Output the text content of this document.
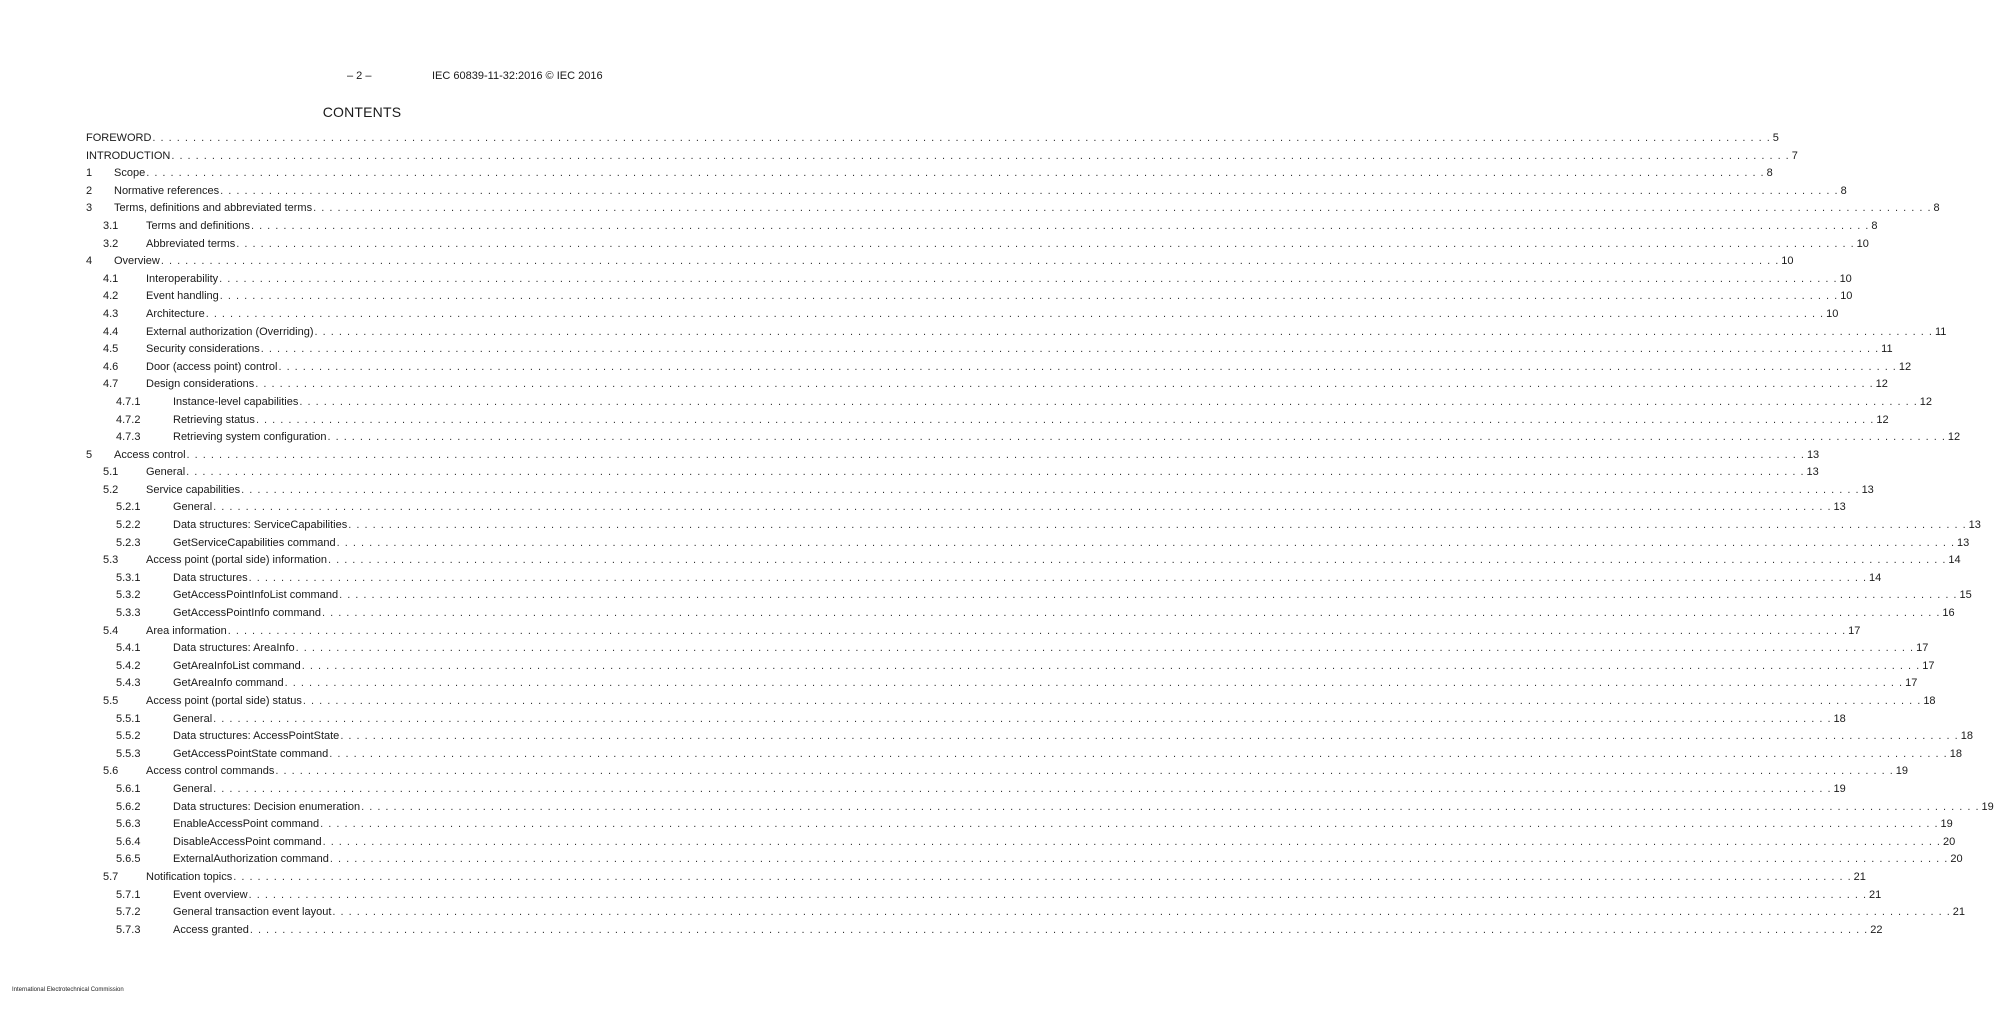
– 2 –	IEC 60839-11-32:2016 © IEC 2016
CONTENTS
FOREWORD . . . . . . . . . . . . . . . . . . . . . . . . . . . . . . . . . . . . . . . . . . . . . . . . . . . . . . . . . . . . . . . . . . . . . . . . . . . . . . . . . . . . . . . . . . . . . . . . . . . . . . . . . . . . . . . . . . . . . . . . . . . . . . . . . . . . . . . . . . . . . . . . . . . . . . . . . . . . . . . . . . . . . . . . . . . . . . . . . . . . . . . . . . . . . . . . . . . . . . . . 5
INTRODUCTION . . . . . . . . . . . . . . . . . . . . . . . . . . . . . . . . . . . . . . . . . . . . . . . . . . . . . . . . . . . . . . . . . . . . . . . . . . . . . . . . . . . . . . . . . . . . . . . . . . . . . . . . . . . . . . . . . . . . . . . . . . . . . . . . . . . . . . . . . . . . . . . . . . . . . . . . . . . . . . . . . . . . . . . . . . . . . . . . . . . . . . . . . . . . . . . . . . . . . . . . 7
1 Scope . . . . . . . . . . . . . . . . . . . . . . . . . . . . . . . . . . . . . . . . . . . . . . . . . . . . . . . . . . . . . . . . . . . . . . . . . . . . . . . . . . . . . . . . . . . . . . . . . . . . . . . . . . . . . . . . . . . . . . . . . . . . . . . . . . . . . . . . . . . . . . . . . . . . . . . . . . . . . . . . . . . . . . . . . . . . . . . . . . . . . . . . . . . . . . . . . . . . . . . . 8
2 Normative references . . . . . . . . . . . . . . . . . . . . . . . . . . . . . . . . . . . . . . . . . . . . . . . . . . . . . . . . . . . . . . . . . . . . . . . . . . . . . . . . . . . . . . . . . . . . . . . . . . . . . . . . . . . . . . . . . . . . . . . . . . . . . . . . . . . . . . . . . . . . . . . . . . . . . . . . . . . . . . . . . . . . . . . . . . . . . . . . . . . . . . . . . . . . . . . . . . . . . . . . 8
3 Terms, definitions and abbreviated terms . . . . . . . . . . . . . . . . . . . . . . . . . . . . . . . . . . . . . . . . . . . . . . . . . . . . . . . . . . . . . . . . . . . . . . . . . . . . . . . . . . . . . . . . . . . . . . . . . . . . . . . . . . . . . . . . . . . . . . . . . . . . . . . . . . . . . . . . . . . . . . . . . . . . . . . . . . . . . . . . . . . . . . . . . . . . . . . . . . . . . . . . . . . . . . . . . . . . . . . . 8
3.1	Terms and definitions . . . . . . . . . . . . . . . . . . . . . . . . . . . . . . . . . . . . . . . . . . . . . . . . . . . . . . . . . . . . . . . . . . . . . . . . . . . . . . . . . . . . . . . . . . . . . . . . . . . . . . . . . . . . . . . . . . . . . . . . . . . . . . . . . . . . . . . . . . . . . . . . . . . . . . . . . . . . . . . . . . . . . . . . . . . . . . . . . . . . . . . . . . . . . . . . . . . . . . . . 8
3.2	Abbreviated terms . . . . . . . . . . . . . . . . . . . . . . . . . . . . . . . . . . . . . . . . . . . . . . . . . . . . . . . . . . . . . . . . . . . . . . . . . . . . . . . . . . . . . . . . . . . . . . . . . . . . . . . . . . . . . . . . . . . . . . . . . . . . . . . . . . . . . . . . . . . . . . . . . . . . . . . . . . . . . . . . . . . . . . . . . . . . . . . . . . . . . . . . . . . . . . . . . . . . . . . . 10
4 Overview . . . . . . . . . . . . . . . . . . . . . . . . . . . . . . . . . . . . . . . . . . . . . . . . . . . . . . . . . . . . . . . . . . . . . . . . . . . . . . . . . . . . . . . . . . . . . . . . . . . . . . . . . . . . . . . . . . . . . . . . . . . . . . . . . . . . . . . . . . . . . . . . . . . . . . . . . . . . . . . . . . . . . . . . . . . . . . . . . . . . . . . . . . . . . . . . . . . . . . . . 10
4.1	Interoperability . . . . . . . . . . . . . . . . . . . . . . . . . . . . . . . . . . . . . . . . . . . . . . . . . . . . . . . . . . . . . . . . . . . . . . . . . . . . . . . . . . . . . . . . . . . . . . . . . . . . . . . . . . . . . . . . . . . . . . . . . . . . . . . . . . . . . . . . . . . . . . . . . . . . . . . . . . . . . . . . . . . . . . . . . . . . . . . . . . . . . . . . . . . . . . . . . . . . . . . . 10
4.2	Event handling . . . . . . . . . . . . . . . . . . . . . . . . . . . . . . . . . . . . . . . . . . . . . . . . . . . . . . . . . . . . . . . . . . . . . . . . . . . . . . . . . . . . . . . . . . . . . . . . . . . . . . . . . . . . . . . . . . . . . . . . . . . . . . . . . . . . . . . . . . . . . . . . . . . . . . . . . . . . . . . . . . . . . . . . . . . . . . . . . . . . . . . . . . . . . . . . . . . . . . . . 10
4.3	Architecture . . . . . . . . . . . . . . . . . . . . . . . . . . . . . . . . . . . . . . . . . . . . . . . . . . . . . . . . . . . . . . . . . . . . . . . . . . . . . . . . . . . . . . . . . . . . . . . . . . . . . . . . . . . . . . . . . . . . . . . . . . . . . . . . . . . . . . . . . . . . . . . . . . . . . . . . . . . . . . . . . . . . . . . . . . . . . . . . . . . . . . . . . . . . . . . . . . . . . . . . 10
4.4	External authorization (Overriding) . . . . . . . . . . . . . . . . . . . . . . . . . . . . . . . . . . . . . . . . . . . . . . . . . . . . . . . . . . . . . . . . . . . . . . . . . . . . . . . . . . . . . . . . . . . . . . . . . . . . . . . . . . . . . . . . . . . . . . . . . . . . . . . . . . . . . . . . . . . . . . . . . . . . . . . . . . . . . . . . . . . . . . . . . . . . . . . . . . . . . . . . . . . . . . . . . . . . . . . . 11
4.5	Security considerations . . . . . . . . . . . . . . . . . . . . . . . . . . . . . . . . . . . . . . . . . . . . . . . . . . . . . . . . . . . . . . . . . . . . . . . . . . . . . . . . . . . . . . . . . . . . . . . . . . . . . . . . . . . . . . . . . . . . . . . . . . . . . . . . . . . . . . . . . . . . . . . . . . . . . . . . . . . . . . . . . . . . . . . . . . . . . . . . . . . . . . . . . . . . . . . . . . . . . . . . 11
4.6	Door (access point) control . . . . . . . . . . . . . . . . . . . . . . . . . . . . . . . . . . . . . . . . . . . . . . . . . . . . . . . . . . . . . . . . . . . . . . . . . . . . . . . . . . . . . . . . . . . . . . . . . . . . . . . . . . . . . . . . . . . . . . . . . . . . . . . . . . . . . . . . . . . . . . . . . . . . . . . . . . . . . . . . . . . . . . . . . . . . . . . . . . . . . . . . . . . . . . . . . . . . . . . . 12
4.7	Design considerations . . . . . . . . . . . . . . . . . . . . . . . . . . . . . . . . . . . . . . . . . . . . . . . . . . . . . . . . . . . . . . . . . . . . . . . . . . . . . . . . . . . . . . . . . . . . . . . . . . . . . . . . . . . . . . . . . . . . . . . . . . . . . . . . . . . . . . . . . . . . . . . . . . . . . . . . . . . . . . . . . . . . . . . . . . . . . . . . . . . . . . . . . . . . . . . . . . . . . . . . 12
4.7.1	Instance-level capabilities . . . . . . . . . . . . . . . . . . . . . . . . . . . . . . . . . . . . . . . . . . . . . . . . . . . . . . . . . . . . . . . . . . . . . . . . . . . . . . . . . . . . . . . . . . . . . . . . . . . . . . . . . . . . . . . . . . . . . . . . . . . . . . . . . . . . . . . . . . . . . . . . . . . . . . . . . . . . . . . . . . . . . . . . . . . . . . . . . . . . . . . . . . . . . . . . . . . . . . . . 12
4.7.2	Retrieving status . . . . . . . . . . . . . . . . . . . . . . . . . . . . . . . . . . . . . . . . . . . . . . . . . . . . . . . . . . . . . . . . . . . . . . . . . . . . . . . . . . . . . . . . . . . . . . . . . . . . . . . . . . . . . . . . . . . . . . . . . . . . . . . . . . . . . . . . . . . . . . . . . . . . . . . . . . . . . . . . . . . . . . . . . . . . . . . . . . . . . . . . . . . . . . . . . . . . . . . . 12
4.7.3	Retrieving system configuration . . . . . . . . . . . . . . . . . . . . . . . . . . . . . . . . . . . . . . . . . . . . . . . . . . . . . . . . . . . . . . . . . . . . . . . . . . . . . . . . . . . . . . . . . . . . . . . . . . . . . . . . . . . . . . . . . . . . . . . . . . . . . . . . . . . . . . . . . . . . . . . . . . . . . . . . . . . . . . . . . . . . . . . . . . . . . . . . . . . . . . . . . . . . . . . . . . . . . . . . 12
5 Access control . . . . . . . . . . . . . . . . . . . . . . . . . . . . . . . . . . . . . . . . . . . . . . . . . . . . . . . . . . . . . . . . . . . . . . . . . . . . . . . . . . . . . . . . . . . . . . . . . . . . . . . . . . . . . . . . . . . . . . . . . . . . . . . . . . . . . . . . . . . . . . . . . . . . . . . . . . . . . . . . . . . . . . . . . . . . . . . . . . . . . . . . . . . . . . . . . . . . . . . . 13
5.1	General . . . . . . . . . . . . . . . . . . . . . . . . . . . . . . . . . . . . . . . . . . . . . . . . . . . . . . . . . . . . . . . . . . . . . . . . . . . . . . . . . . . . . . . . . . . . . . . . . . . . . . . . . . . . . . . . . . . . . . . . . . . . . . . . . . . . . . . . . . . . . . . . . . . . . . . . . . . . . . . . . . . . . . . . . . . . . . . . . . . . . . . . . . . . . . . . . . . . . . . . 13
5.2	Service capabilities . . . . . . . . . . . . . . . . . . . . . . . . . . . . . . . . . . . . . . . . . . . . . . . . . . . . . . . . . . . . . . . . . . . . . . . . . . . . . . . . . . . . . . . . . . . . . . . . . . . . . . . . . . . . . . . . . . . . . . . . . . . . . . . . . . . . . . . . . . . . . . . . . . . . . . . . . . . . . . . . . . . . . . . . . . . . . . . . . . . . . . . . . . . . . . . . . . . . . . . . 13
5.2.1	General . . . . . . . . . . . . . . . . . . . . . . . . . . . . . . . . . . . . . . . . . . . . . . . . . . . . . . . . . . . . . . . . . . . . . . . . . . . . . . . . . . . . . . . . . . . . . . . . . . . . . . . . . . . . . . . . . . . . . . . . . . . . . . . . . . . . . . . . . . . . . . . . . . . . . . . . . . . . . . . . . . . . . . . . . . . . . . . . . . . . . . . . . . . . . . . . . . . . . . . . 13
5.2.2	Data structures: ServiceCapabilities . . . . . . . . . . . . . . . . . . . . . . . . . . . . . . . . . . . . . . . . . . . . . . . . . . . . . . . . . . . . . . . . . . . . . . . . . . . . . . . . . . . . . . . . . . . . . . . . . . . . . . . . . . . . . . . . . . . . . . . . . . . . . . . . . . . . . . . . . . . . . . . . . . . . . . . . . . . . . . . . . . . . . . . . . . . . . . . . . . . . . . . . . . . . . . . . . . . . . . . . 13
5.2.3	GetServiceCapabilities command . . . . . . . . . . . . . . . . . . . . . . . . . . . . . . . . . . . . . . . . . . . . . . . . . . . . . . . . . . . . . . . . . . . . . . . . . . . . . . . . . . . . . . . . . . . . . . . . . . . . . . . . . . . . . . . . . . . . . . . . . . . . . . . . . . . . . . . . . . . . . . . . . . . . . . . . . . . . . . . . . . . . . . . . . . . . . . . . . . . . . . . . . . . . . . . . . . . . . . . . 13
5.3	Access point (portal side) information . . . . . . . . . . . . . . . . . . . . . . . . . . . . . . . . . . . . . . . . . . . . . . . . . . . . . . . . . . . . . . . . . . . . . . . . . . . . . . . . . . . . . . . . . . . . . . . . . . . . . . . . . . . . . . . . . . . . . . . . . . . . . . . . . . . . . . . . . . . . . . . . . . . . . . . . . . . . . . . . . . . . . . . . . . . . . . . . . . . . . . . . . . . . . . . . . . . . . . . . 14
5.3.1	Data structures . . . . . . . . . . . . . . . . . . . . . . . . . . . . . . . . . . . . . . . . . . . . . . . . . . . . . . . . . . . . . . . . . . . . . . . . . . . . . . . . . . . . . . . . . . . . . . . . . . . . . . . . . . . . . . . . . . . . . . . . . . . . . . . . . . . . . . . . . . . . . . . . . . . . . . . . . . . . . . . . . . . . . . . . . . . . . . . . . . . . . . . . . . . . . . . . . . . . . . . . 14
5.3.2	GetAccessPointInfoList command . . . . . . . . . . . . . . . . . . . . . . . . . . . . . . . . . . . . . . . . . . . . . . . . . . . . . . . . . . . . . . . . . . . . . . . . . . . . . . . . . . . . . . . . . . . . . . . . . . . . . . . . . . . . . . . . . . . . . . . . . . . . . . . . . . . . . . . . . . . . . . . . . . . . . . . . . . . . . . . . . . . . . . . . . . . . . . . . . . . . . . . . . . . . . . . . . . . . . . . . 15
5.3.3	GetAccessPointInfo command . . . . . . . . . . . . . . . . . . . . . . . . . . . . . . . . . . . . . . . . . . . . . . . . . . . . . . . . . . . . . . . . . . . . . . . . . . . . . . . . . . . . . . . . . . . . . . . . . . . . . . . . . . . . . . . . . . . . . . . . . . . . . . . . . . . . . . . . . . . . . . . . . . . . . . . . . . . . . . . . . . . . . . . . . . . . . . . . . . . . . . . . . . . . . . . . . . . . . . . . 16
5.4	Area information . . . . . . . . . . . . . . . . . . . . . . . . . . . . . . . . . . . . . . . . . . . . . . . . . . . . . . . . . . . . . . . . . . . . . . . . . . . . . . . . . . . . . . . . . . . . . . . . . . . . . . . . . . . . . . . . . . . . . . . . . . . . . . . . . . . . . . . . . . . . . . . . . . . . . . . . . . . . . . . . . . . . . . . . . . . . . . . . . . . . . . . . . . . . . . . . . . . . . . . . 17
5.4.1	Data structures: AreaInfo . . . . . . . . . . . . . . . . . . . . . . . . . . . . . . . . . . . . . . . . . . . . . . . . . . . . . . . . . . . . . . . . . . . . . . . . . . . . . . . . . . . . . . . . . . . . . . . . . . . . . . . . . . . . . . . . . . . . . . . . . . . . . . . . . . . . . . . . . . . . . . . . . . . . . . . . . . . . . . . . . . . . . . . . . . . . . . . . . . . . . . . . . . . . . . . . . . . . . . . . 17
5.4.2	GetAreaInfoList command . . . . . . . . . . . . . . . . . . . . . . . . . . . . . . . . . . . . . . . . . . . . . . . . . . . . . . . . . . . . . . . . . . . . . . . . . . . . . . . . . . . . . . . . . . . . . . . . . . . . . . . . . . . . . . . . . . . . . . . . . . . . . . . . . . . . . . . . . . . . . . . . . . . . . . . . . . . . . . . . . . . . . . . . . . . . . . . . . . . . . . . . . . . . . . . . . . . . . . . . 17
5.4.3	GetAreaInfo command . . . . . . . . . . . . . . . . . . . . . . . . . . . . . . . . . . . . . . . . . . . . . . . . . . . . . . . . . . . . . . . . . . . . . . . . . . . . . . . . . . . . . . . . . . . . . . . . . . . . . . . . . . . . . . . . . . . . . . . . . . . . . . . . . . . . . . . . . . . . . . . . . . . . . . . . . . . . . . . . . . . . . . . . . . . . . . . . . . . . . . . . . . . . . . . . . . . . . . . . 17
5.5	Access point (portal side) status . . . . . . . . . . . . . . . . . . . . . . . . . . . . . . . . . . . . . . . . . . . . . . . . . . . . . . . . . . . . . . . . . . . . . . . . . . . . . . . . . . . . . . . . . . . . . . . . . . . . . . . . . . . . . . . . . . . . . . . . . . . . . . . . . . . . . . . . . . . . . . . . . . . . . . . . . . . . . . . . . . . . . . . . . . . . . . . . . . . . . . . . . . . . . . . . . . . . . . . . 18
5.5.1	General . . . . . . . . . . . . . . . . . . . . . . . . . . . . . . . . . . . . . . . . . . . . . . . . . . . . . . . . . . . . . . . . . . . . . . . . . . . . . . . . . . . . . . . . . . . . . . . . . . . . . . . . . . . . . . . . . . . . . . . . . . . . . . . . . . . . . . . . . . . . . . . . . . . . . . . . . . . . . . . . . . . . . . . . . . . . . . . . . . . . . . . . . . . . . . . . . . . . . . . . 18
5.5.2	Data structures: AccessPointState . . . . . . . . . . . . . . . . . . . . . . . . . . . . . . . . . . . . . . . . . . . . . . . . . . . . . . . . . . . . . . . . . . . . . . . . . . . . . . . . . . . . . . . . . . . . . . . . . . . . . . . . . . . . . . . . . . . . . . . . . . . . . . . . . . . . . . . . . . . . . . . . . . . . . . . . . . . . . . . . . . . . . . . . . . . . . . . . . . . . . . . . . . . . . . . . . . . . . . . . 18
5.5.3	GetAccessPointState command . . . . . . . . . . . . . . . . . . . . . . . . . . . . . . . . . . . . . . . . . . . . . . . . . . . . . . . . . . . . . . . . . . . . . . . . . . . . . . . . . . . . . . . . . . . . . . . . . . . . . . . . . . . . . . . . . . . . . . . . . . . . . . . . . . . . . . . . . . . . . . . . . . . . . . . . . . . . . . . . . . . . . . . . . . . . . . . . . . . . . . . . . . . . . . . . . . . . . . . . 18
5.6	Access control commands . . . . . . . . . . . . . . . . . . . . . . . . . . . . . . . . . . . . . . . . . . . . . . . . . . . . . . . . . . . . . . . . . . . . . . . . . . . . . . . . . . . . . . . . . . . . . . . . . . . . . . . . . . . . . . . . . . . . . . . . . . . . . . . . . . . . . . . . . . . . . . . . . . . . . . . . . . . . . . . . . . . . . . . . . . . . . . . . . . . . . . . . . . . . . . . . . . . . . . . . 19
5.6.1	General . . . . . . . . . . . . . . . . . . . . . . . . . . . . . . . . . . . . . . . . . . . . . . . . . . . . . . . . . . . . . . . . . . . . . . . . . . . . . . . . . . . . . . . . . . . . . . . . . . . . . . . . . . . . . . . . . . . . . . . . . . . . . . . . . . . . . . . . . . . . . . . . . . . . . . . . . . . . . . . . . . . . . . . . . . . . . . . . . . . . . . . . . . . . . . . . . . . . . . . . 19
5.6.2	Data structures: Decision enumeration . . . . . . . . . . . . . . . . . . . . . . . . . . . . . . . . . . . . . . . . . . . . . . . . . . . . . . . . . . . . . . . . . . . . . . . . . . . . . . . . . . . . . . . . . . . . . . . . . . . . . . . . . . . . . . . . . . . . . . . . . . . . . . . . . . . . . . . . . . . . . . . . . . . . . . . . . . . . . . . . . . . . . . . . . . . . . . . . . . . . . . . . . . . . . . . . . . . . . . . . 19
5.6.3	EnableAccessPoint command . . . . . . . . . . . . . . . . . . . . . . . . . . . . . . . . . . . . . . . . . . . . . . . . . . . . . . . . . . . . . . . . . . . . . . . . . . . . . . . . . . . . . . . . . . . . . . . . . . . . . . . . . . . . . . . . . . . . . . . . . . . . . . . . . . . . . . . . . . . . . . . . . . . . . . . . . . . . . . . . . . . . . . . . . . . . . . . . . . . . . . . . . . . . . . . . . . . . . . . . 19
5.6.4	DisableAccessPoint command . . . . . . . . . . . . . . . . . . . . . . . . . . . . . . . . . . . . . . . . . . . . . . . . . . . . . . . . . . . . . . . . . . . . . . . . . . . . . . . . . . . . . . . . . . . . . . . . . . . . . . . . . . . . . . . . . . . . . . . . . . . . . . . . . . . . . . . . . . . . . . . . . . . . . . . . . . . . . . . . . . . . . . . . . . . . . . . . . . . . . . . . . . . . . . . . . . . . . . . . 20
5.6.5	ExternalAuthorization command . . . . . . . . . . . . . . . . . . . . . . . . . . . . . . . . . . . . . . . . . . . . . . . . . . . . . . . . . . . . . . . . . . . . . . . . . . . . . . . . . . . . . . . . . . . . . . . . . . . . . . . . . . . . . . . . . . . . . . . . . . . . . . . . . . . . . . . . . . . . . . . . . . . . . . . . . . . . . . . . . . . . . . . . . . . . . . . . . . . . . . . . . . . . . . . . . . . . . . . . 20
5.7	Notification topics . . . . . . . . . . . . . . . . . . . . . . . . . . . . . . . . . . . . . . . . . . . . . . . . . . . . . . . . . . . . . . . . . . . . . . . . . . . . . . . . . . . . . . . . . . . . . . . . . . . . . . . . . . . . . . . . . . . . . . . . . . . . . . . . . . . . . . . . . . . . . . . . . . . . . . . . . . . . . . . . . . . . . . . . . . . . . . . . . . . . . . . . . . . . . . . . . . . . . . . . 21
5.7.1	Event overview . . . . . . . . . . . . . . . . . . . . . . . . . . . . . . . . . . . . . . . . . . . . . . . . . . . . . . . . . . . . . . . . . . . . . . . . . . . . . . . . . . . . . . . . . . . . . . . . . . . . . . . . . . . . . . . . . . . . . . . . . . . . . . . . . . . . . . . . . . . . . . . . . . . . . . . . . . . . . . . . . . . . . . . . . . . . . . . . . . . . . . . . . . . . . . . . . . . . . . . . 21
5.7.2	General transaction event layout . . . . . . . . . . . . . . . . . . . . . . . . . . . . . . . . . . . . . . . . . . . . . . . . . . . . . . . . . . . . . . . . . . . . . . . . . . . . . . . . . . . . . . . . . . . . . . . . . . . . . . . . . . . . . . . . . . . . . . . . . . . . . . . . . . . . . . . . . . . . . . . . . . . . . . . . . . . . . . . . . . . . . . . . . . . . . . . . . . . . . . . . . . . . . . . . . . . . . . . . 21
5.7.3	Access granted . . . . . . . . . . . . . . . . . . . . . . . . . . . . . . . . . . . . . . . . . . . . . . . . . . . . . . . . . . . . . . . . . . . . . . . . . . . . . . . . . . . . . . . . . . . . . . . . . . . . . . . . . . . . . . . . . . . . . . . . . . . . . . . . . . . . . . . . . . . . . . . . . . . . . . . . . . . . . . . . . . . . . . . . . . . . . . . . . . . . . . . . . . . . . . . . . . . . . . . . 22
International Electrotechnical Commission
